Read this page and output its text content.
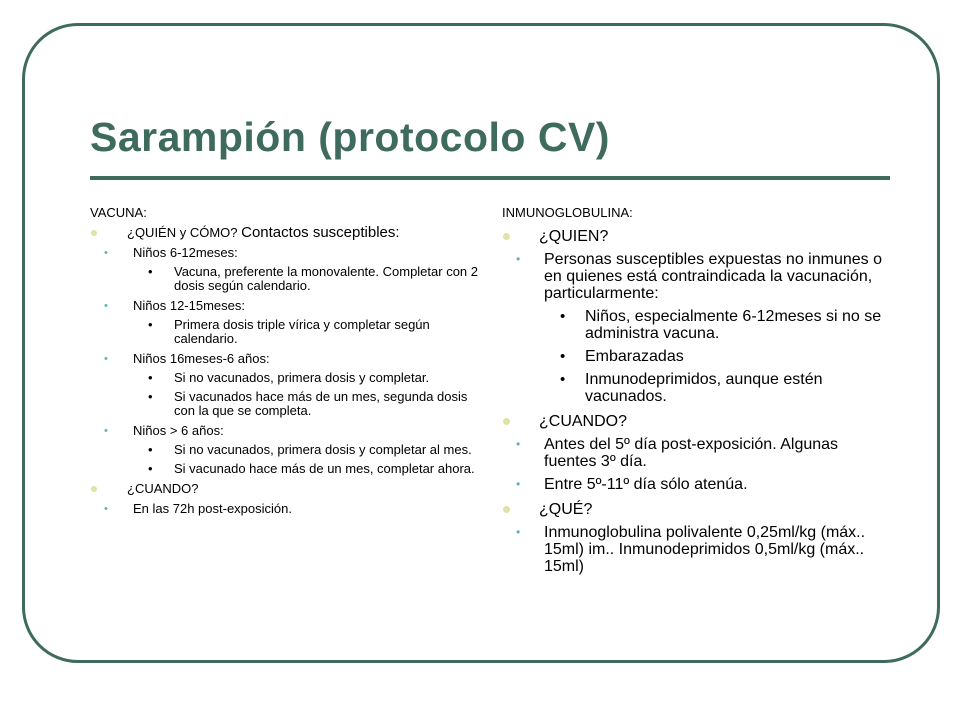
Sarampión (protocolo CV)

VACUNA:

¿QUIÉN y CÓMO? Contactos susceptibles:
• Niños 6-12meses:
• Vacuna, preferente la monovalente. Completar con 2 dosis según calendario.
• Niños 12-15meses:
• Primera dosis triple vírica y completar según calendario.
• Niños 16meses-6 años:
• Si no vacunados, primera dosis y completar.
• Si vacunados hace más de un mes, segunda dosis con la que se completa.
• Niños > 6 años:
• Si no vacunados, primera dosis y completar al mes.
• Si vacunado hace más de un mes, completar ahora.
¿CUANDO?
• En las 72h post-exposición.

INMUNOGLOBULINA:

¿QUIEN?
• Personas susceptibles expuestas no inmunes o en quienes está contraindicada la vacunación, particularmente:
• Niños, especialmente 6-12meses si no se administra vacuna.
• Embarazadas
• Inmunodeprimidos, aunque estén vacunados.
¿CUANDO?
• Antes del 5º día post-exposición. Algunas fuentes 3º día.
• Entre 5º-11º día sólo atenúa.
¿QUÉ?
• Inmunoglobulina polivalente 0,25ml/kg (máx.. 15ml) im.. Inmunodeprimidos 0,5ml/kg (máx.. 15ml)
